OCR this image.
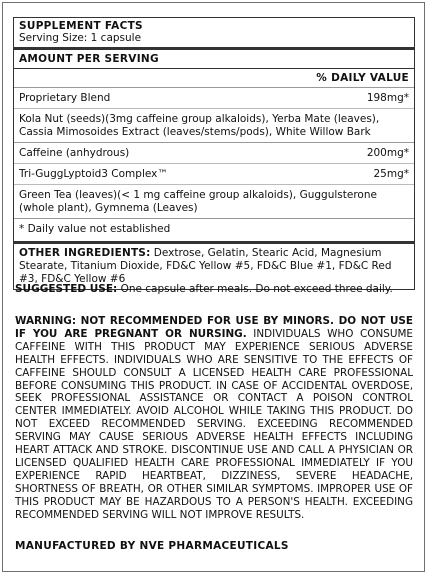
SUPPLEMENT FACTS
Serving Size: 1 capsule
AMOUNT PER SERVING
% DAILY VALUE
Proprietary Blend	198mg*
Kola Nut (seeds)(3mg caffeine group alkaloids), Yerba Mate (leaves), Cassia Mimosoides Extract (leaves/stems/pods), White Willow Bark
Caffeine (anhydrous)	200mg*
Tri-GuggLyptoid3 Complex™	25mg*
Green Tea (leaves)(< 1 mg caffeine group alkaloids), Guggulsterone (whole plant), Gymnema (Leaves)
* Daily value not established
OTHER INGREDIENTS: Dextrose, Gelatin, Stearic Acid, Magnesium Stearate, Titanium Dioxide, FD&C Yellow #5, FD&C Blue #1, FD&C Red #3, FD&C Yellow #6
SUGGESTED USE: One capsule after meals. Do not exceed three daily.
WARNING: NOT RECOMMENDED FOR USE BY MINORS. DO NOT USE IF YOU ARE PREGNANT OR NURSING. INDIVIDUALS WHO CONSUME CAFFEINE WITH THIS PRODUCT MAY EXPERIENCE SERIOUS ADVERSE HEALTH EFFECTS. INDIVIDUALS WHO ARE SENSITIVE TO THE EFFECTS OF CAFFEINE SHOULD CONSULT A LICENSED HEALTH CARE PROFESSIONAL BEFORE CONSUMING THIS PRODUCT. IN CASE OF ACCIDENTAL OVERDOSE, SEEK PROFESSIONAL ASSISTANCE OR CONTACT A POISON CONTROL CENTER IMMEDIATELY. AVOID ALCOHOL WHILE TAKING THIS PRODUCT. DO NOT EXCEED RECOMMENDED SERVING. EXCEEDING RECOMMENDED SERVING MAY CAUSE SERIOUS ADVERSE HEALTH EFFECTS INCLUDING HEART ATTACK AND STROKE. DISCONTINUE USE AND CALL A PHYSICIAN OR LICENSED QUALIFIED HEALTH CARE PROFESSIONAL IMMEDIATELY IF YOU EXPERIENCE RAPID HEARTBEAT, DIZZINESS, SEVERE HEADACHE, SHORTNESS OF BREATH, OR OTHER SIMILAR SYMPTOMS. IMPROPER USE OF THIS PRODUCT MAY BE HAZARDOUS TO A PERSON'S HEALTH. EXCEEDING RECOMMENDED SERVING WILL NOT IMPROVE RESULTS.
MANUFACTURED BY NVE PHARMACEUTICALS
